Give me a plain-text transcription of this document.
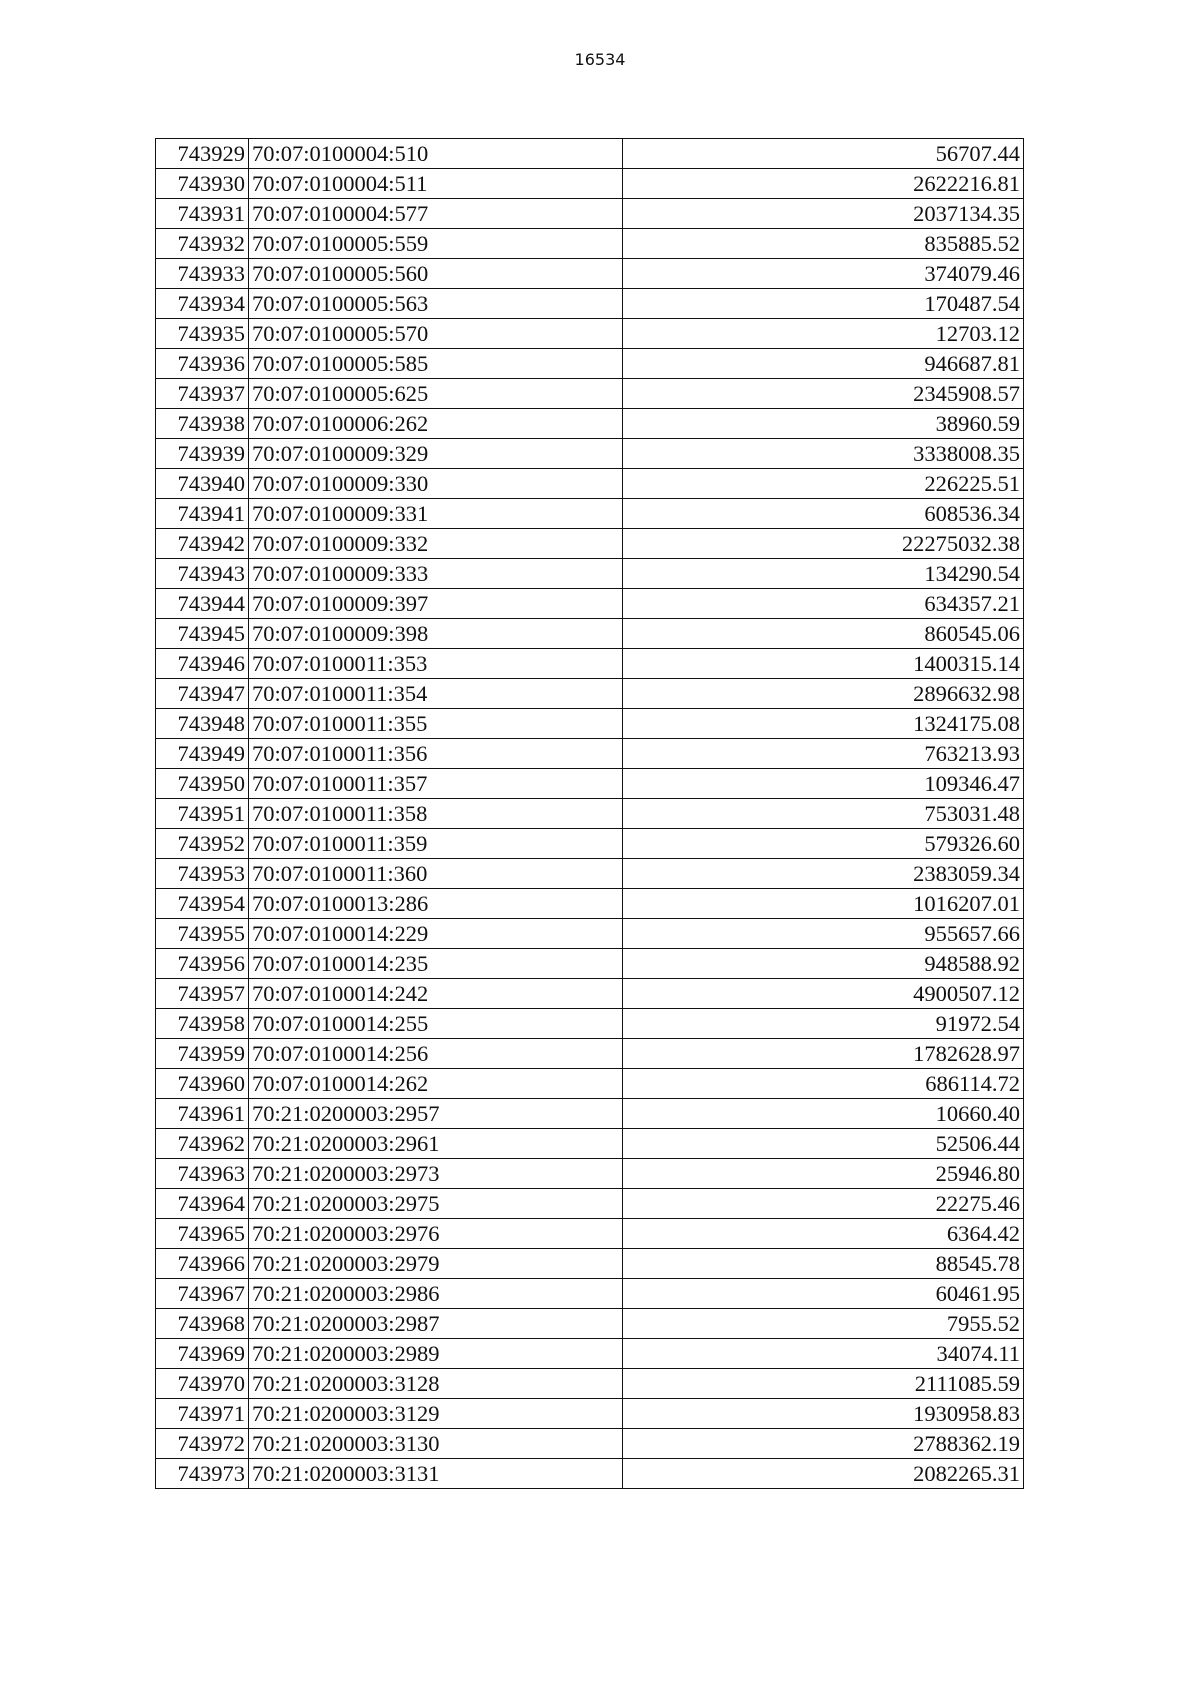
16534
743929	70:07:0100004:510	56707.44
743930	70:07:0100004:511	2622216.81
743931	70:07:0100004:577	2037134.35
743932	70:07:0100005:559	835885.52
743933	70:07:0100005:560	374079.46
743934	70:07:0100005:563	170487.54
743935	70:07:0100005:570	12703.12
743936	70:07:0100005:585	946687.81
743937	70:07:0100005:625	2345908.57
743938	70:07:0100006:262	38960.59
743939	70:07:0100009:329	3338008.35
743940	70:07:0100009:330	226225.51
743941	70:07:0100009:331	608536.34
743942	70:07:0100009:332	22275032.38
743943	70:07:0100009:333	134290.54
743944	70:07:0100009:397	634357.21
743945	70:07:0100009:398	860545.06
743946	70:07:0100011:353	1400315.14
743947	70:07:0100011:354	2896632.98
743948	70:07:0100011:355	1324175.08
743949	70:07:0100011:356	763213.93
743950	70:07:0100011:357	109346.47
743951	70:07:0100011:358	753031.48
743952	70:07:0100011:359	579326.60
743953	70:07:0100011:360	2383059.34
743954	70:07:0100013:286	1016207.01
743955	70:07:0100014:229	955657.66
743956	70:07:0100014:235	948588.92
743957	70:07:0100014:242	4900507.12
743958	70:07:0100014:255	91972.54
743959	70:07:0100014:256	1782628.97
743960	70:07:0100014:262	686114.72
743961	70:21:0200003:2957	10660.40
743962	70:21:0200003:2961	52506.44
743963	70:21:0200003:2973	25946.80
743964	70:21:0200003:2975	22275.46
743965	70:21:0200003:2976	6364.42
743966	70:21:0200003:2979	88545.78
743967	70:21:0200003:2986	60461.95
743968	70:21:0200003:2987	7955.52
743969	70:21:0200003:2989	34074.11
743970	70:21:0200003:3128	2111085.59
743971	70:21:0200003:3129	1930958.83
743972	70:21:0200003:3130	2788362.19
743973	70:21:0200003:3131	2082265.31
